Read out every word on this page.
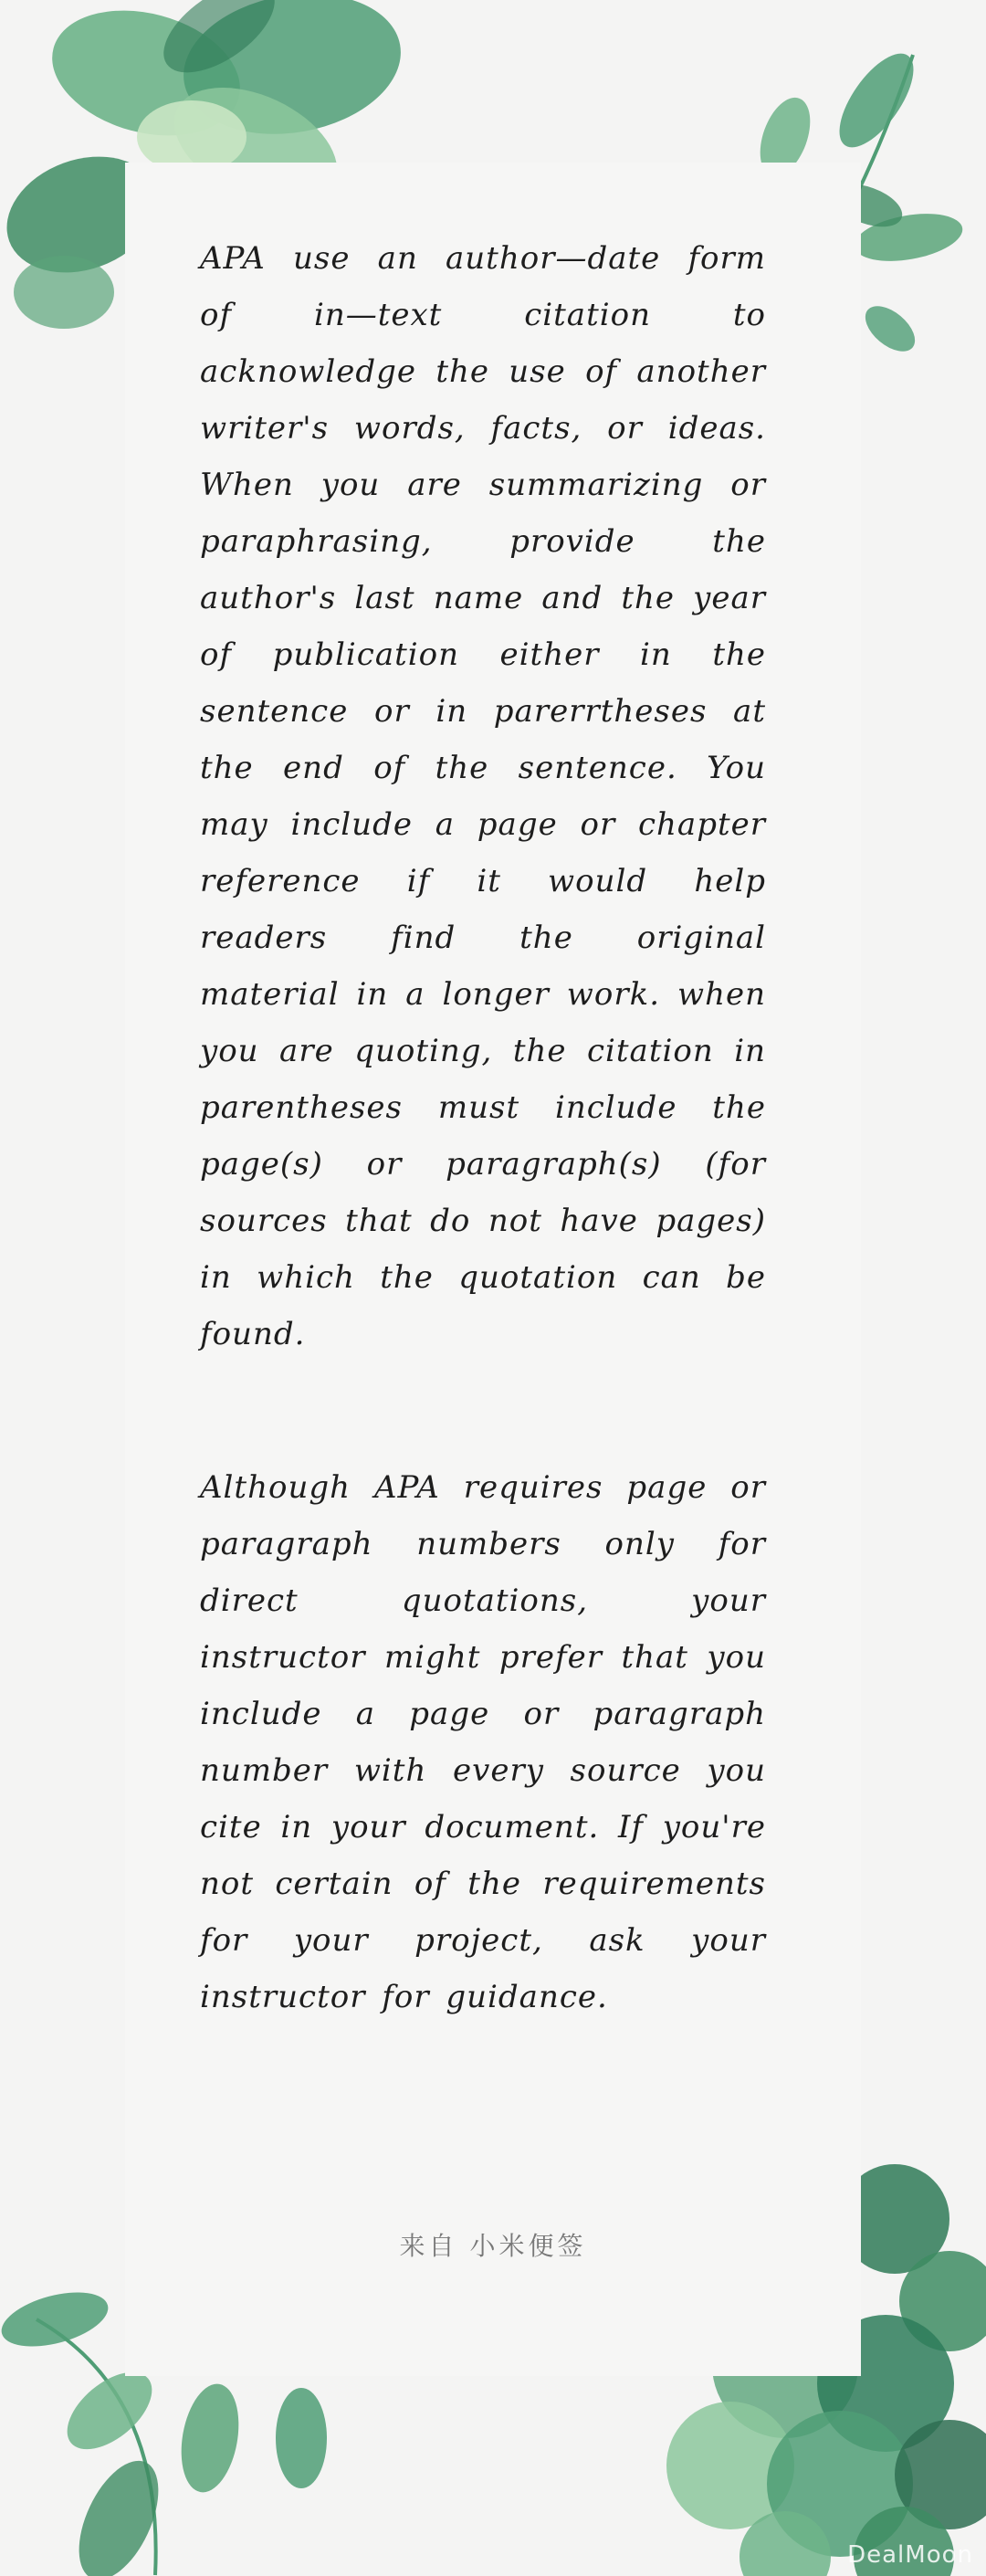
APA use an author—date form of in—text citation to acknowledge the use of another writer's words, facts, or ideas. When you are summarizing or paraphrasing, provide the author's last name and the year of publication either in the sentence or in parerrtheses at the end of the sentence. You may include a page or chapter reference if it would help readers find the original material in a longer work. when you are quoting, the citation in parentheses must include the page(s) or paragraph(s) (for sources that do not have pages) in which the quotation can be found.
Although APA requires page or paragraph numbers only for direct quotations, your instructor might prefer that you include a page or paragraph number with every source you cite in your document. If you're not certain of the requirements for your project, ask your instructor for guidance.
来自 小米便签
DealMoon
